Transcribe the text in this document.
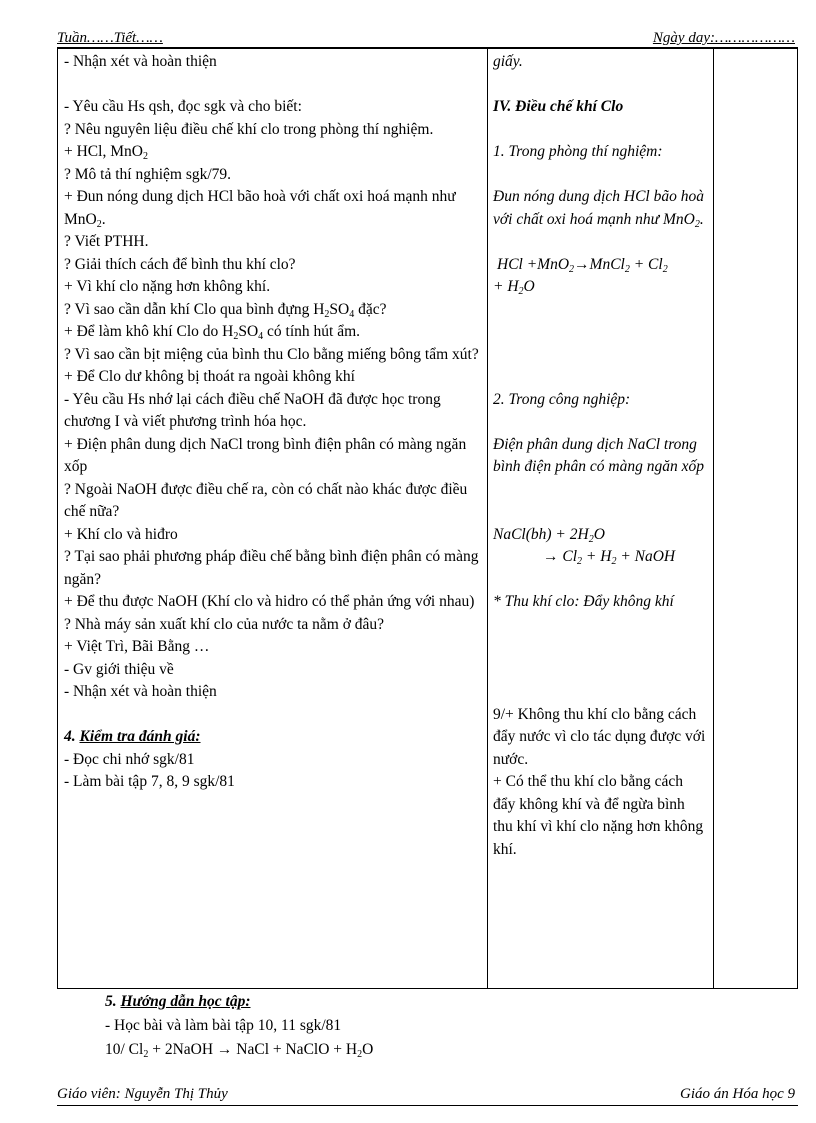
Tuần……Tiết……	Ngày day:………………
- Nhận xét và hoàn thiện
- Yêu cầu Hs qsh, đọc sgk và cho biết:
? Nêu nguyên liệu điều chế khí clo trong phòng thí nghiệm.
+ HCl, MnO$_2$
? Mô tả thí nghiệm sgk/79.
+ Đun nóng dung dịch HCl bão hoà với chất oxi hoá mạnh như MnO$_2$.
? Viết PTHH.
? Giải thích cách để bình thu khí clo?
+ Vì khí clo nặng hơn không khí.
? Vì sao cần dẫn khí Clo qua bình đựng $H_2SO_4$ đặc?
+ Để làm khô khí Clo do $H_2SO_4$ có tính hút ẩm.
? Vì sao cần bịt miệng của bình thu Clo bằng miếng bông tẩm xút?
+ Để Clo dư không bị thoát ra ngoài không khí
- Yêu cầu Hs nhớ lại cách điều chế NaOH đã được học trong chương I và viết phương trình hóa học.
+ Điện phân dung dịch NaCl trong bình điện phân có màng ngăn xốp
? Ngoài NaOH được điều chế ra, còn có chất nào khác được điều chế nữa?
+ Khí clo và hiđro
? Tại sao phải phương pháp điều chế bằng bình điện phân có màng ngăn?
+ Để thu được NaOH (Khí clo và hidro có thể phản ứng với nhau)
? Nhà máy sản xuất khí clo của nước ta nằm ở đâu?
+ Việt Trì, Bãi Bằng …
- Gv giới thiệu về
- Nhận xét và hoàn thiện
4. Kiểm tra đánh giá:
- Đọc chi nhớ sgk/81
- Làm bài tập 7, 8, 9 sgk/81
giấy.
IV. Điều chế khí Clo
1. Trong phòng thí nghiệm:
Đun nóng dung dịch HCl bão hoà với chất oxi hoá mạnh như MnO$_2$.
HCl +MnO$_2$→MnCl$_2$ + $Cl_2$
+ $H_2O$
2. Trong công nghiệp:
Điện phân dung dịch NaCl trong bình điện phân có màng ngăn xốp
NaCl(bh) + $2H_2O$
→ $Cl_2 + H_2$ + NaOH
* Thu khí clo: Đẩy không khí
9/+ Không thu khí clo bằng cách đẩy nước vì clo tác dụng được với nước.
+ Có thể thu khí clo bằng cách đẩy không khí và để ngừa bình thu khí vì khí clo nặng hơn không khí.
5. Hướng dẫn học tập:
- Học bài và làm bài tập 10, 11 sgk/81
10/ $Cl_2$ + 2NaOH → NaCl + NaClO + $H_2O$
Giáo viên: Nguyễn Thị Thủy	Giáo án Hóa học 9
